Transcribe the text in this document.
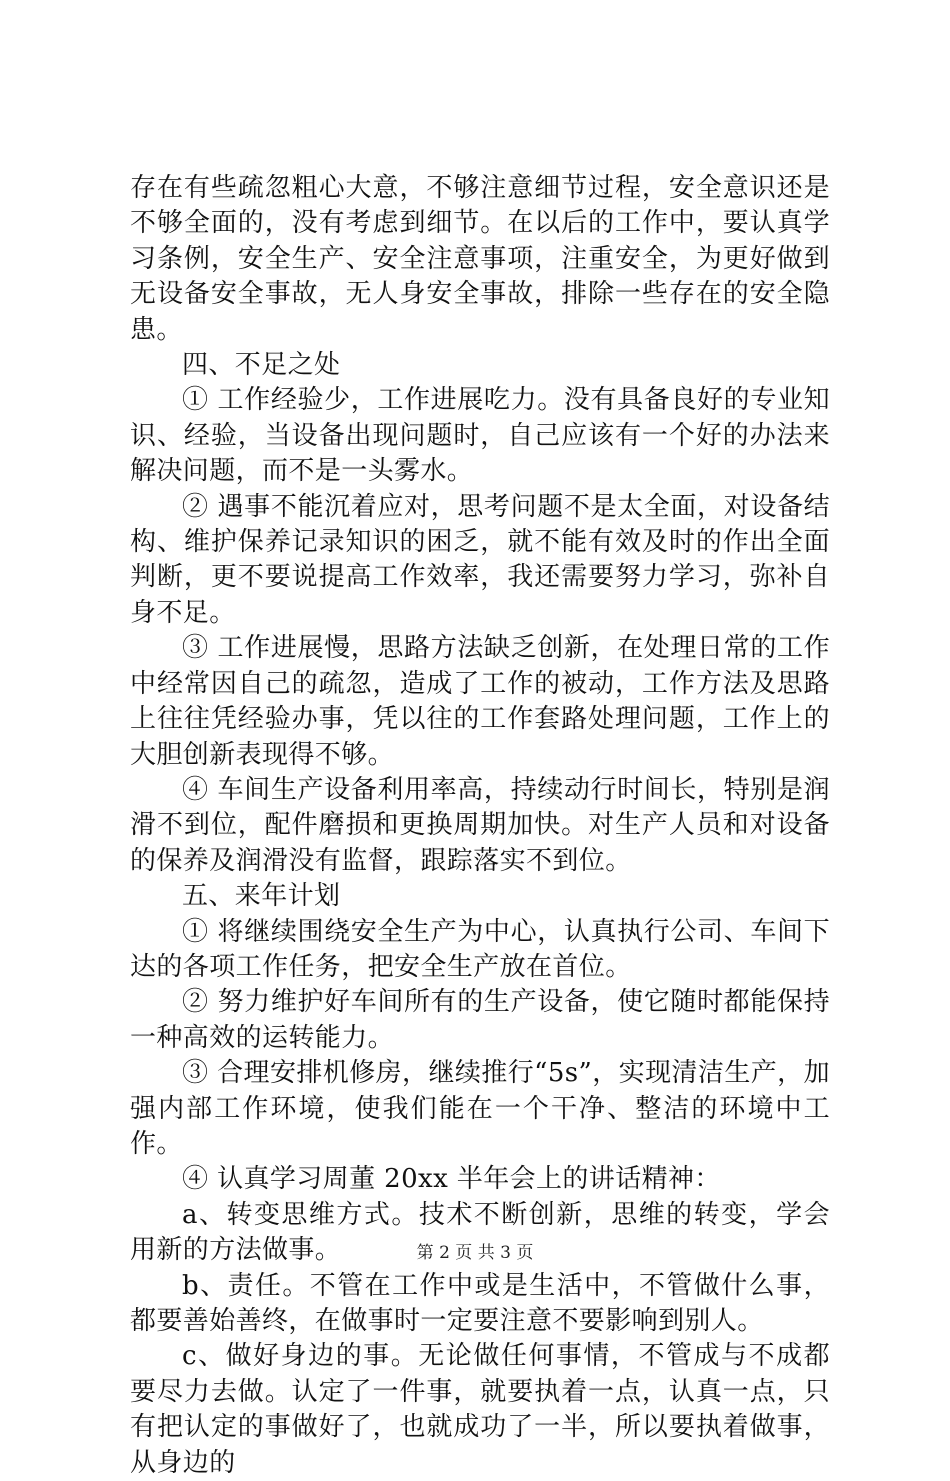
存在有些疏忽粗心大意，不够注意细节过程，安全意识还是不够全面的，没有考虑到细节。在以后的工作中，要认真学习条例，安全生产、安全注意事项，注重安全，为更好做到无设备安全事故，无人身安全事故，排除一些存在的安全隐患。

四、不足之处

① 工作经验少，工作进展吃力。没有具备良好的专业知识、经验，当设备出现问题时，自己应该有一个好的办法来解决问题，而不是一头雾水。

② 遇事不能沉着应对，思考问题不是太全面，对设备结构、维护保养记录知识的困乏，就不能有效及时的作出全面判断，更不要说提高工作效率，我还需要努力学习，弥补自身不足。

③ 工作进展慢，思路方法缺乏创新，在处理日常的工作中经常因自己的疏忽，造成了工作的被动，工作方法及思路上往往凭经验办事，凭以往的工作套路处理问题，工作上的大胆创新表现得不够。

④ 车间生产设备利用率高，持续动行时间长，特别是润滑不到位，配件磨损和更换周期加快。对生产人员和对设备的保养及润滑没有监督，跟踪落实不到位。

五、来年计划

① 将继续围绕安全生产为中心，认真执行公司、车间下达的各项工作任务，把安全生产放在首位。

② 努力维护好车间所有的生产设备，使它随时都能保持一种高效的运转能力。

③ 合理安排机修房，继续推行“5s”，实现清洁生产，加强内部工作环境，使我们能在一个干净、整洁的环境中工作。

④ 认真学习周董 20xx 半年会上的讲话精神：

a、转变思维方式。技术不断创新，思维的转变，学会用新的方法做事。

b、责任。不管在工作中或是生活中，不管做什么事，都要善始善终，在做事时一定要注意不要影响到别人。

c、做好身边的事。无论做任何事情，不管成与不成都要尽力去做。认定了一件事，就要执着一点，认真一点，只有把认定的事做好了，也就成功了一半，所以要执着做事，从身边的

第 2 页 共 3 页
